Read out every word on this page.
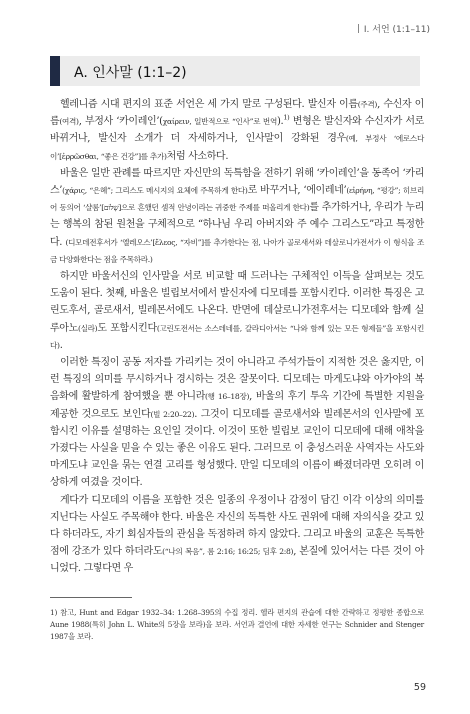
Ⅰ. 서언 (1:1–11)
A. 인사말 (1:1–2)

헬레니즘 시대 편지의 표준 서언은 세 가지 말로 구성된다. 발신자 이름(주격), 수신자 이름(여격), 부정사 ‘카이레인’(χαίρειν, 일반적으로 “인사”로 번역).$^{1)}$ 변형은 발신자와 수신자가 서로 바뀌거나, 발신자 소개가 더 자세하거나, 인사말이 강화된 경우(예, 부정사 ‘에로스다이’[ἐρρῶσθαι, “좋은 건강”]를 추가)처럼 사소하다.

바울은 일반 관례를 따르지만 자신만의 독특함을 전하기 위해 ‘카이레인’을 동족어 ‘카리스’(χάρις, “은혜”; 그리스도 메시지의 요체에 주목하게 한다)로 바꾸거나, ‘에이레네’(εἰρήνη, “평강”; 히브리어 동의어 ‘샬롬’[שָׁלוֹם]으로 흔했던 셈적 안녕이라는 귀중한 주제를 떠올리게 한다)를 추가하거나, 우리가 누리는 행복의 참된 원천을 구체적으로 “하나님 우리 아버지와 주 예수 그리스도”라고 특정한다. (디모데전후서가 ‘엘레오스’[ἔλεος, “자비”]를 추가한다는 점, 나아가 골로새서와 데살로니가전서가 이 형식을 조금 다양화한다는 점을 주목하라.)

하지만 바울서신의 인사말을 서로 비교할 때 드러나는 구체적인 이득을 살펴보는 것도 도움이 된다. 첫째, 바울은 빌립보서에서 발신자에 디모데를 포함시킨다. 이러한 특징은 고린도후서, 골로새서, 빌레몬서에도 나온다. 반면에 데살로니가전후서는 디모데와 함께 실루아노(실라)도 포함시킨다(고린도전서는 소스데네를, 갈라디아서는 “나와 함께 있는 모든 형제들”을 포함시킨다).

이러한 특징이 공동 저자를 가리키는 것이 아니라고 주석가들이 지적한 것은 옳지만, 이런 특징의 의미를 무시하거나 경시하는 것은 잘못이다. 디모데는 마게도냐와 아가야의 복음화에 활발하게 참여했을 뿐 아니라(행 16–18장), 바울의 후기 투옥 기간에 특별한 지원을 제공한 것으로도 보인다(빌 2:20–22). 그것이 디모데를 골로새서와 빌레몬서의 인사말에 포함시킨 이유를 설명하는 요인일 것이다. 이것이 또한 빌립보 교인이 디모데에 대해 애착을 가졌다는 사실을 믿을 수 있는 좋은 이유도 된다. 그러므로 이 충성스러운 사역자는 사도와 마게도냐 교인을 묶는 연결 고리를 형성했다. 만일 디모데의 이름이 빠졌더라면 오히려 이상하게 여겼을 것이다.

게다가 디모데의 이름을 포함한 것은 일종의 우정이나 감정이 담긴 이각 이상의 의미를 지닌다는 사실도 주목해야 한다. 바울은 자신의 독특한 사도 권위에 대해 자의식을 갖고 있다 하더라도, 자기 회심자들의 관심을 독점하려 하지 않았다. 그리고 바울의 교훈은 독특한 점에 강조가 있다 하더라도(“나의 복음”, 롬 2:16; 16:25; 딤후 2:8), 본질에 있어서는 다른 것이 아니었다. 그렇다면 우

1) 참고, Hunt and Edgar 1932–34: 1.268–395의 수집 정리. 헬라 편지의 관습에 대한 간략하고 정평한 종합으로 Aune 1988(특히 John L. White의 5장을 보라)을 보라. 서언과 결언에 대한 자세한 연구는 Schnider and Stenger 1987을 보라.

59
